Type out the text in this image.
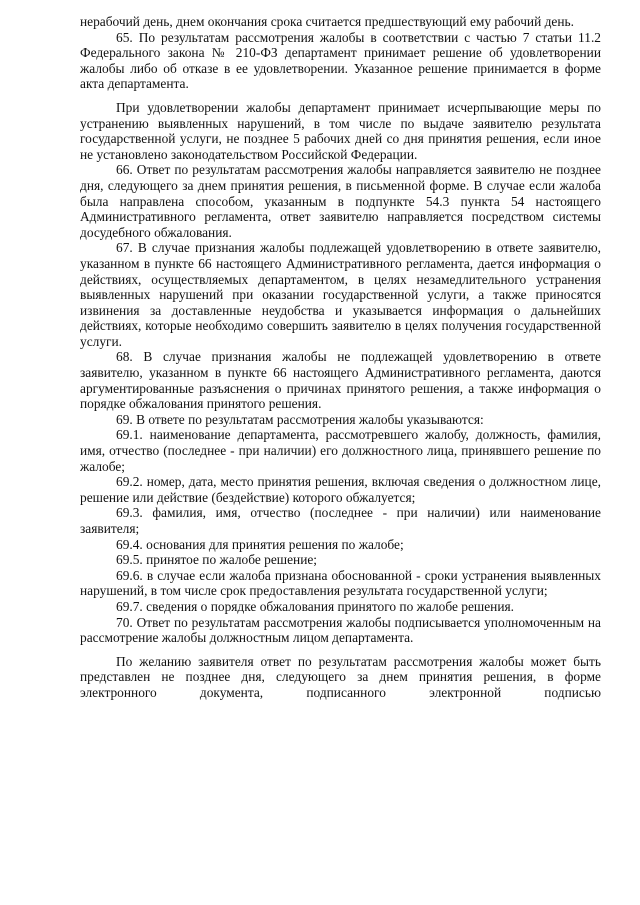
нерабочий день, днем окончания срока считается предшествующий ему рабочий день.

65. По результатам рассмотрения жалобы в соответствии с частью 7 статьи 11.2 Федерального закона № 210-ФЗ департамент принимает решение об удовлетворении жалобы либо об отказе в ее удовлетворении. Указанное решение принимается в форме акта департамента.

При удовлетворении жалобы департамент принимает исчерпывающие меры по устранению выявленных нарушений, в том числе по выдаче заявителю результата государственной услуги, не позднее 5 рабочих дней со дня принятия решения, если иное не установлено законодательством Российской Федерации.

66. Ответ по результатам рассмотрения жалобы направляется заявителю не позднее дня, следующего за днем принятия решения, в письменной форме. В случае если жалоба была направлена способом, указанным в подпункте 54.3 пункта 54 настоящего Административного регламента, ответ заявителю направляется посредством системы досудебного обжалования.

67. В случае признания жалобы подлежащей удовлетворению в ответе заявителю, указанном в пункте 66 настоящего Административного регламента, дается информация о действиях, осуществляемых департаментом, в целях незамедлительного устранения выявленных нарушений при оказании государственной услуги, а также приносятся извинения за доставленные неудобства и указывается информация о дальнейших действиях, которые необходимо совершить заявителю в целях получения государственной услуги.

68. В случае признания жалобы не подлежащей удовлетворению в ответе заявителю, указанном в пункте 66 настоящего Административного регламента, даются аргументированные разъяснения о причинах принятого решения, а также информация о порядке обжалования принятого решения.

69. В ответе по результатам рассмотрения жалобы указываются:

69.1. наименование департамента, рассмотревшего жалобу, должность, фамилия, имя, отчество (последнее - при наличии) его должностного лица, принявшего решение по жалобе;

69.2. номер, дата, место принятия решения, включая сведения о должностном лице, решение или действие (бездействие) которого обжалуется;

69.3. фамилия, имя, отчество (последнее - при наличии) или наименование заявителя;

69.4. основания для принятия решения по жалобе;

69.5. принятое по жалобе решение;

69.6. в случае если жалоба признана обоснованной - сроки устранения выявленных нарушений, в том числе срок предоставления результата государственной услуги;

69.7. сведения о порядке обжалования принятого по жалобе решения.

70. Ответ по результатам рассмотрения жалобы подписывается уполномоченным на рассмотрение жалобы должностным лицом департамента.

По желанию заявителя ответ по результатам рассмотрения жалобы может быть представлен не позднее дня, следующего за днем принятия решения, в форме электронного документа, подписанного электронной подписью
